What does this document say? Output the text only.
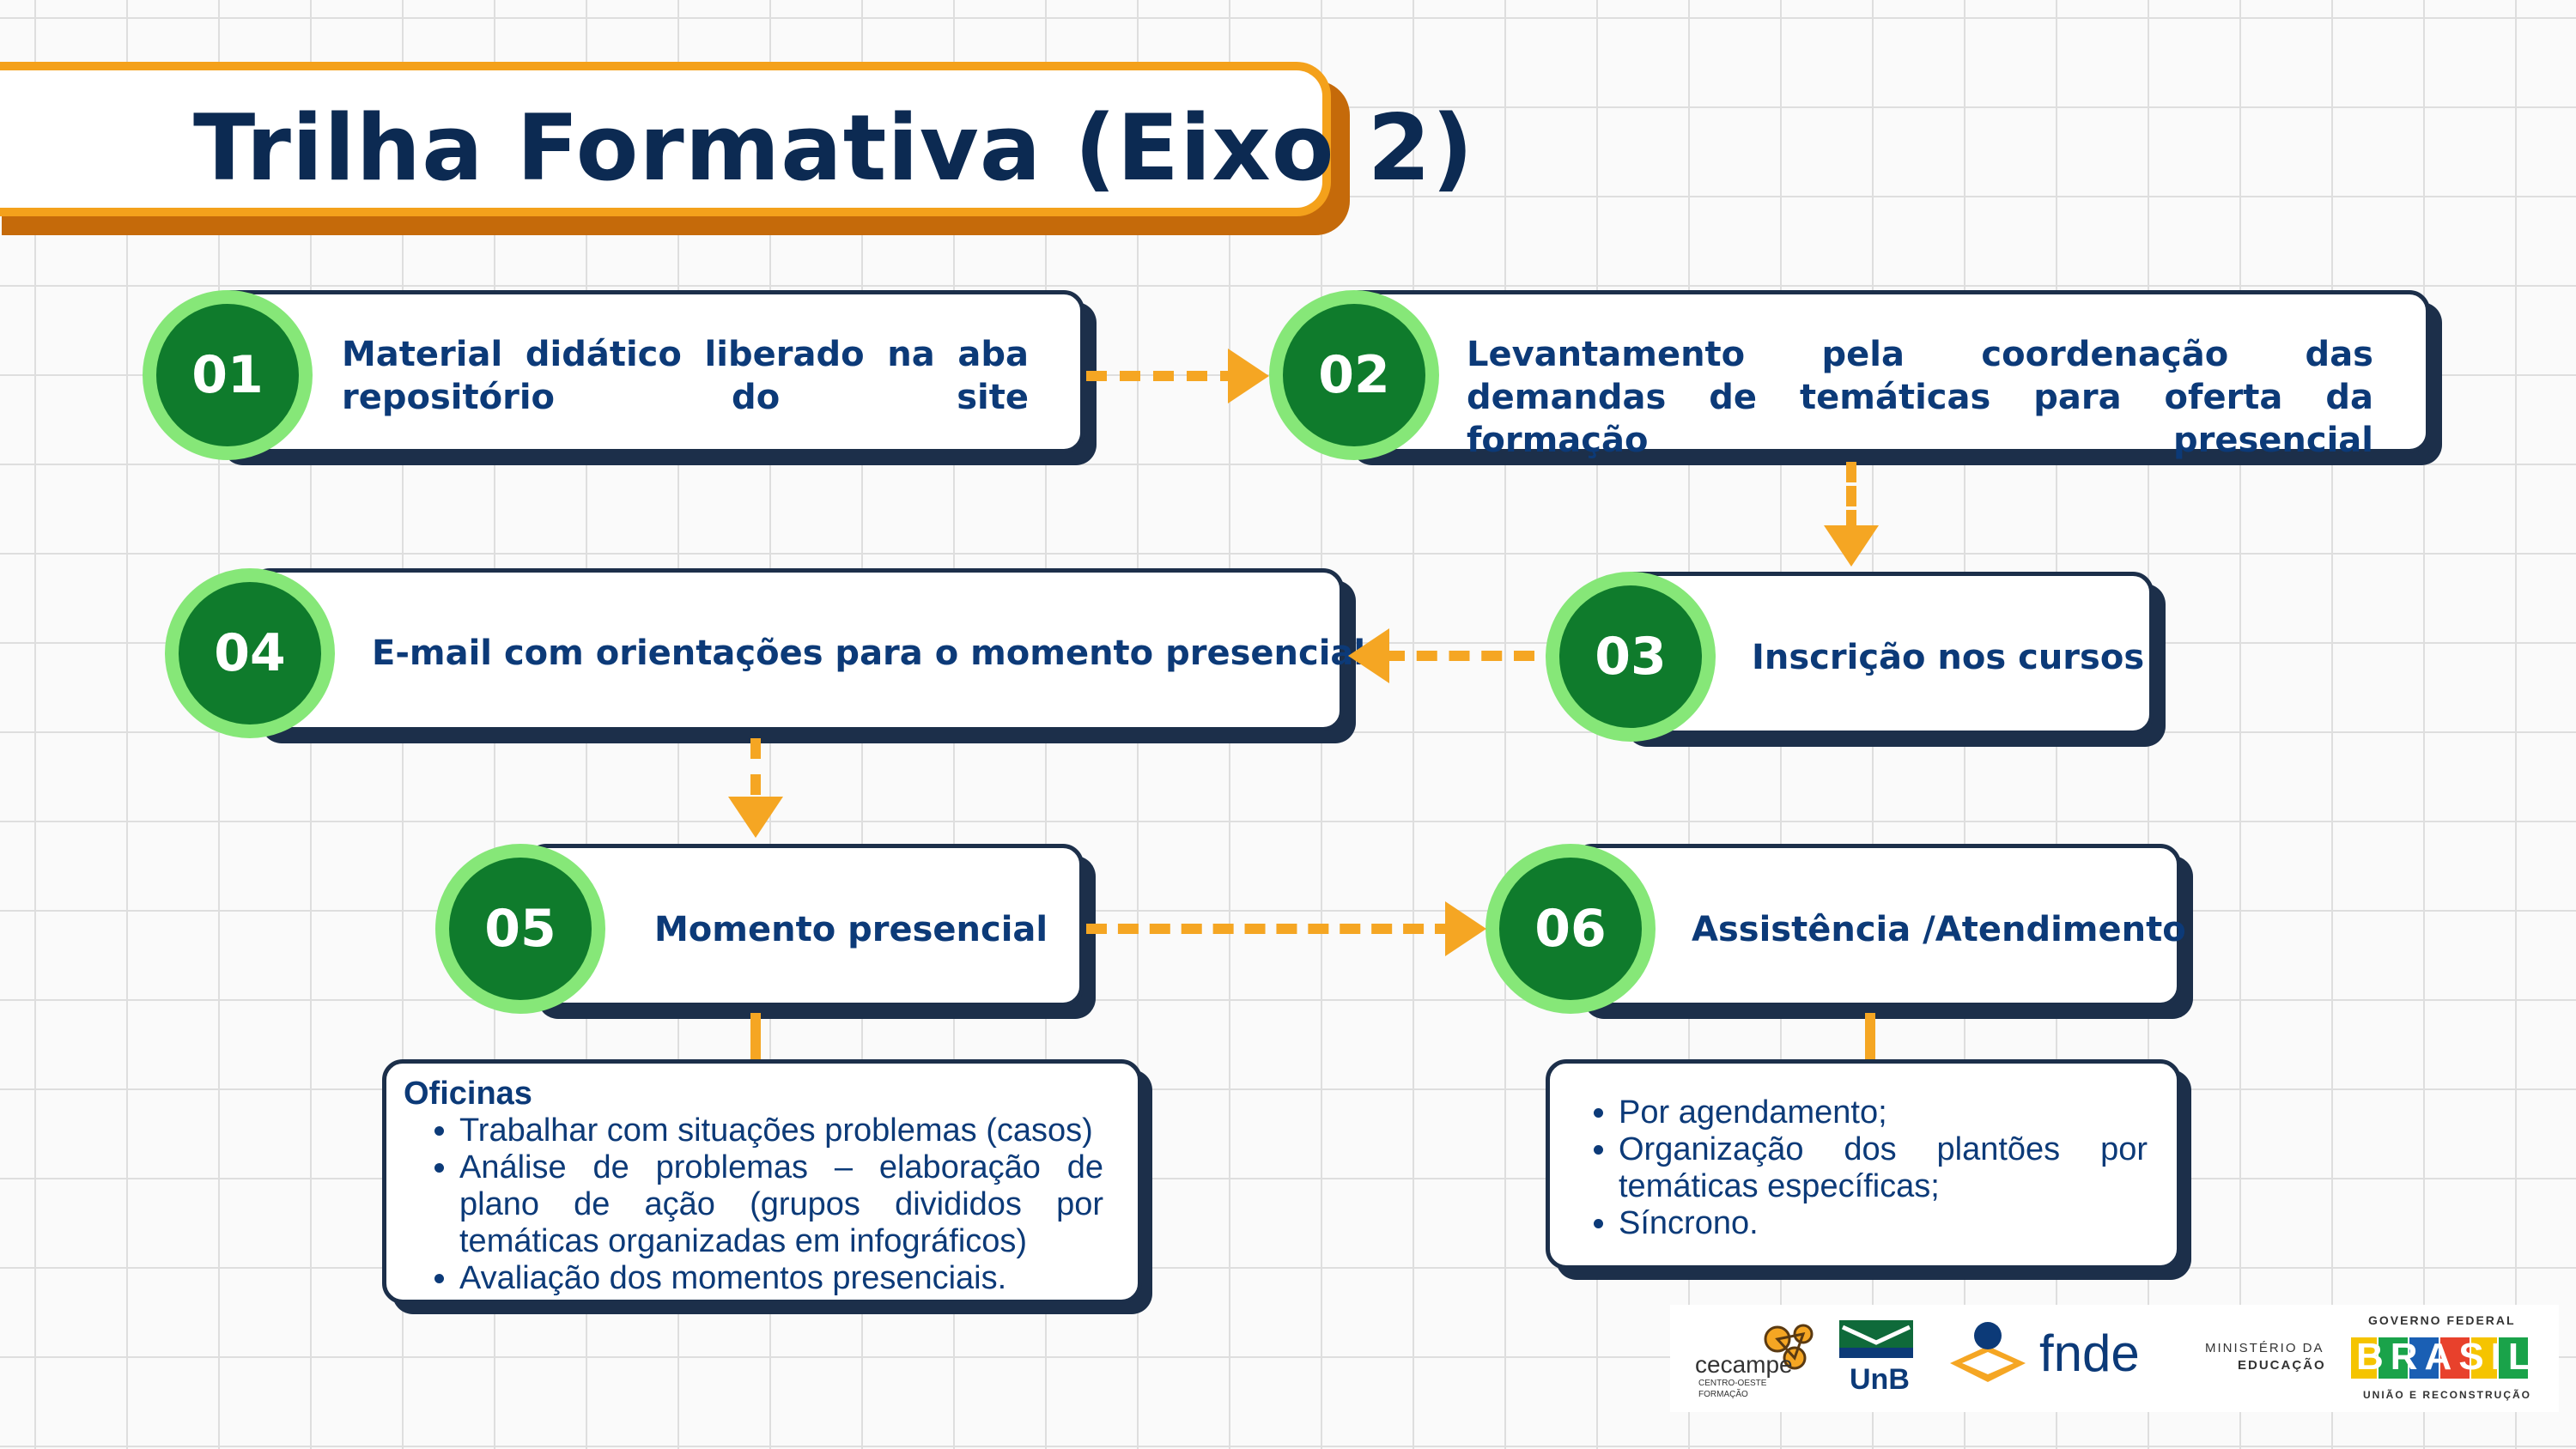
Trilha Formativa (Eixo 2)

Material didático liberado na aba repositório do site

01	Levantamento pela coordenação das demandas de temáticas para oferta da formação presencial

02

Inscrição nos cursos

03

E-mail com orientações para o momento presencial

04

Momento presencial

05	Assistência /Atendimento

06
Oficinas
• Trabalhar com situações problemas (casos)
• Análise de problemas – elaboração de plano de ação (grupos divididos por temáticas organizadas em infográficos)
• Avaliação dos momentos presenciais.
• Por agendamento;
• Organização dos plantões por temáticas específicas;
• Síncrono.
cecampe
CENTRO-OESTE
FORMAÇÃO	UnB	fnde	MINISTÉRIO DA
EDUCAÇÃO
GOVERNO FEDERAL
BRASIL
UNIÃO E RECONSTRUÇÃO
